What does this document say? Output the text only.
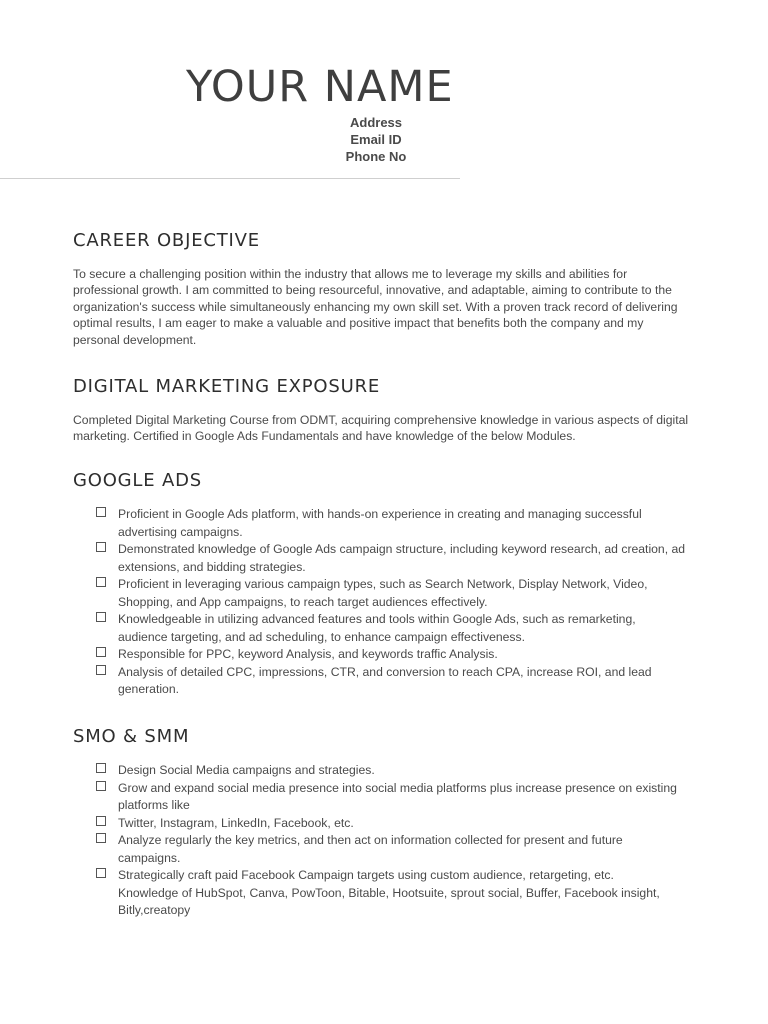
YOUR NAME
Address
Email ID
Phone No
CAREER OBJECTIVE
To secure a challenging position within the industry that allows me to leverage my skills and abilities for professional growth. I am committed to being resourceful, innovative, and adaptable, aiming to contribute to the organization's success while simultaneously enhancing my own skill set. With a proven track record of delivering optimal results, I am eager to make a valuable and positive impact that benefits both the company and my personal development.
DIGITAL MARKETING EXPOSURE
Completed Digital Marketing Course from ODMT, acquiring comprehensive knowledge in various aspects of digital marketing. Certified in Google Ads Fundamentals and have knowledge of the below Modules.
GOOGLE ADS
Proficient in Google Ads platform, with hands-on experience in creating and managing successful advertising campaigns.
Demonstrated knowledge of Google Ads campaign structure, including keyword research, ad creation, ad extensions, and bidding strategies.
Proficient in leveraging various campaign types, such as Search Network, Display Network, Video, Shopping, and App campaigns, to reach target audiences effectively.
Knowledgeable in utilizing advanced features and tools within Google Ads, such as remarketing, audience targeting, and ad scheduling, to enhance campaign effectiveness.
Responsible for PPC, keyword Analysis, and keywords traffic Analysis.
Analysis of detailed CPC, impressions, CTR, and conversion to reach CPA, increase ROI, and lead generation.
SMO & SMM
Design Social Media campaigns and strategies.
Grow and expand social media presence into social media platforms plus increase presence on existing platforms like
Twitter, Instagram, LinkedIn, Facebook, etc.
Analyze regularly the key metrics, and then act on information collected for present and future campaigns.
Strategically craft paid Facebook Campaign targets using custom audience, retargeting, etc.
Knowledge of HubSpot, Canva, PowToon, Bitable, Hootsuite, sprout social, Buffer, Facebook insight, Bitly,creatopy
